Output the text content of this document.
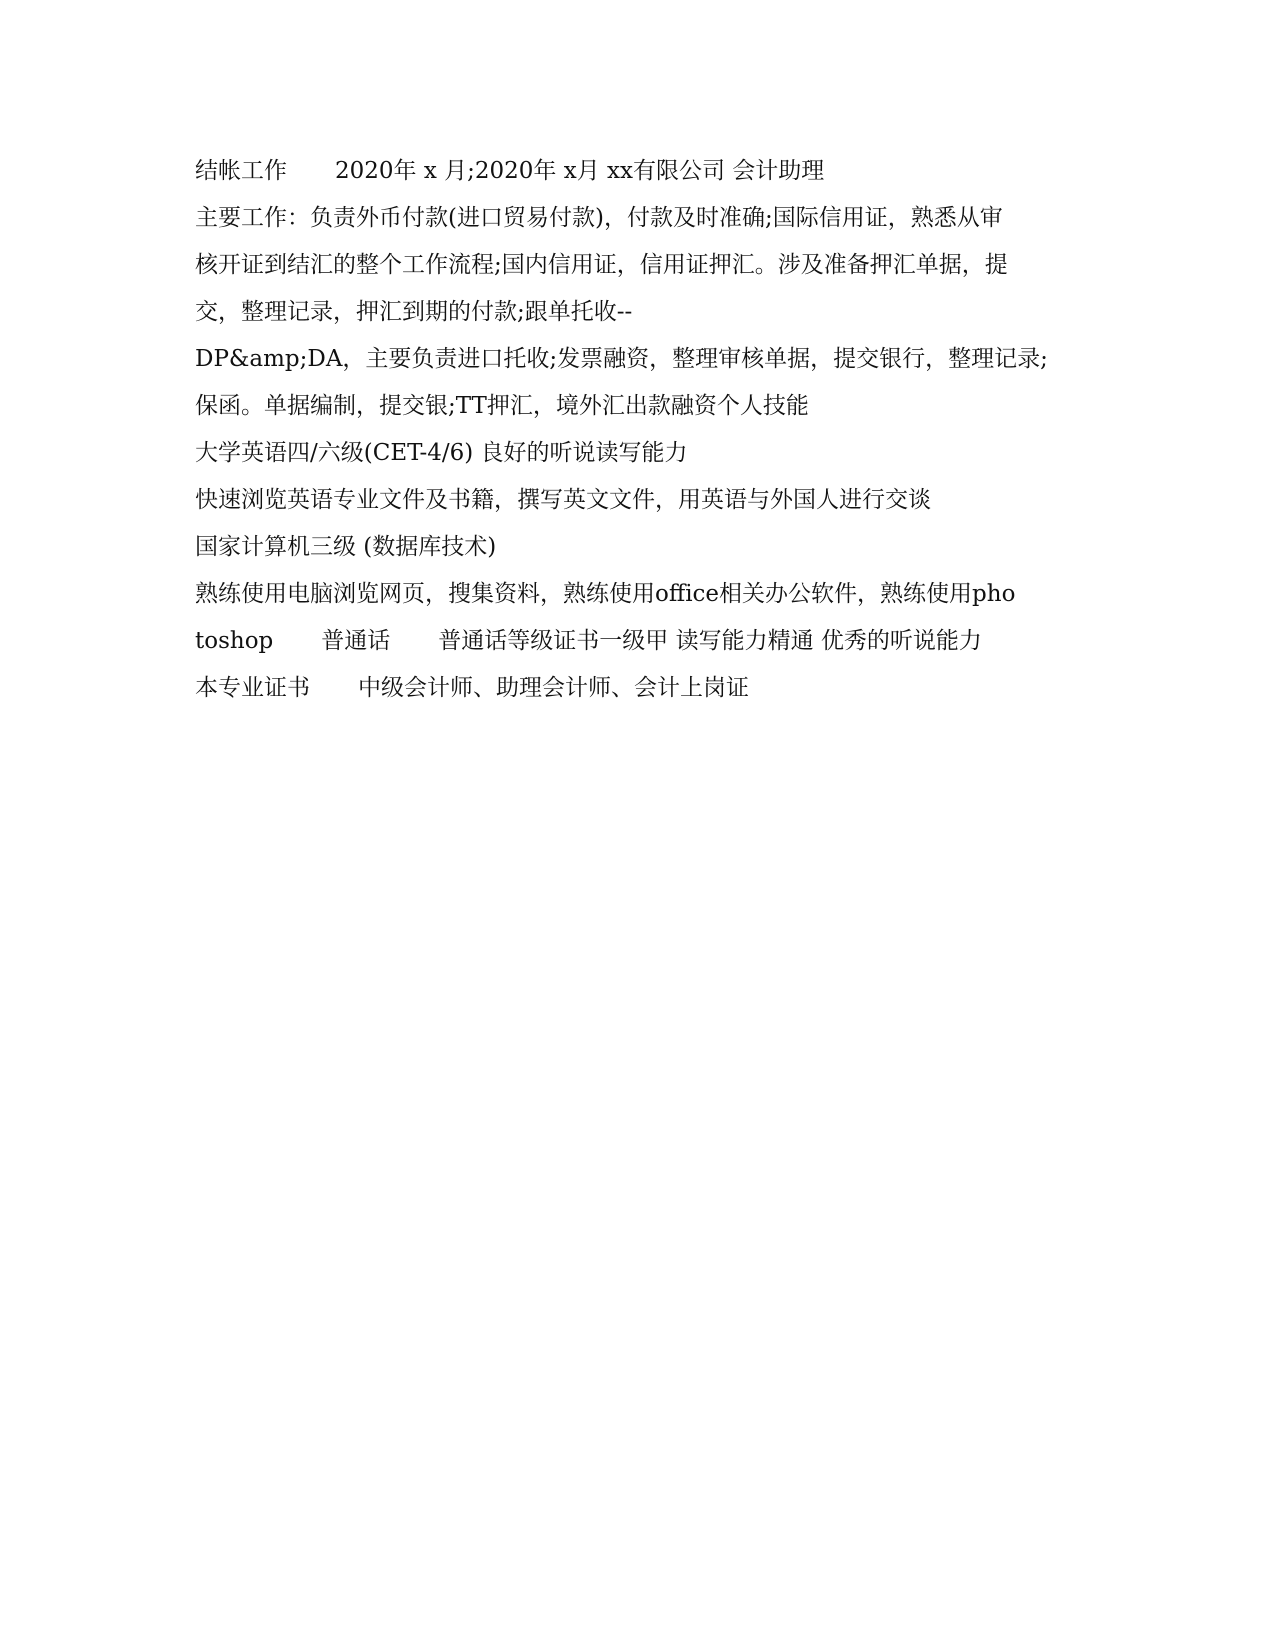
结帐工作 2020年 x 月;2020年 x月 xx有限公司 会计助理
主要工作：负责外币付款(进口贸易付款)，付款及时准确;国际信用证，熟悉从审
核开证到结汇的整个工作流程;国内信用证，信用证押汇。涉及准备押汇单据，提
交，整理记录，押汇到期的付款;跟单托收--
DP&amp;DA，主要负责进口托收;发票融资，整理审核单据，提交银行，整理记录;
保函。单据编制，提交银;TT押汇，境外汇出款融资个人技能
大学英语四/六级(CET-4/6) 良好的听说读写能力
快速浏览英语专业文件及书籍，撰写英文文件，用英语与外国人进行交谈
国家计算机三级 (数据库技术)
熟练使用电脑浏览网页，搜集资料，熟练使用office相关办公软件，熟练使用pho
toshop 普通话 普通话等级证书一级甲 读写能力精通 优秀的听说能力
本专业证书 中级会计师、助理会计师、会计上岗证
